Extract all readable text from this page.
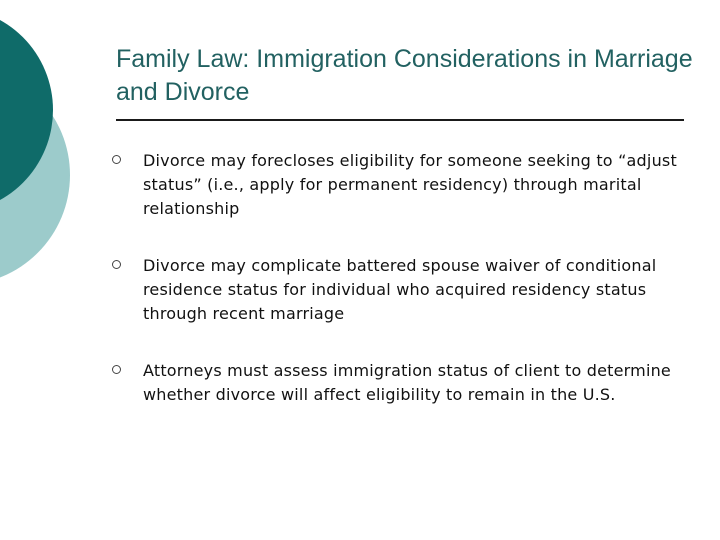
Family Law: Immigration Considerations in Marriage and Divorce
Divorce may forecloses eligibility for someone seeking to “adjust status” (i.e., apply for permanent residency) through marital relationship
Divorce may complicate battered spouse waiver of conditional residence status for individual who acquired residency status through recent marriage
Attorneys must assess immigration status of client to determine whether divorce will affect eligibility to remain in the U.S.
